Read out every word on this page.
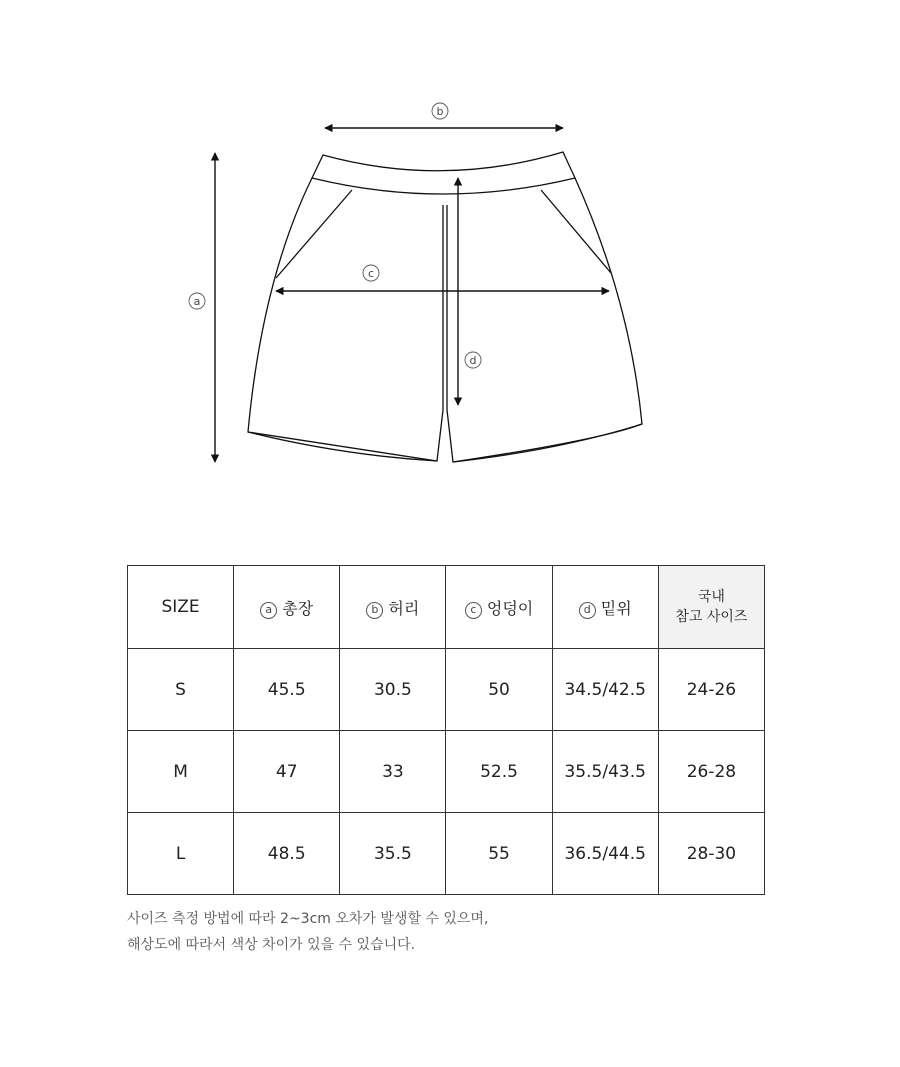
a
b
c
d
SIZE	a 총장	b 허리	c 엉덩이	d 밑위	국내
참고 사이즈
S	45.5	30.5	50	34.5/42.5	24-26
M	47	33	52.5	35.5/43.5	26-28
L	48.5	35.5	55	36.5/44.5	28-30
사이즈 측정 방법에 따라 2~3cm 오차가 발생할 수 있으며,
해상도에 따라서 색상 차이가 있을 수 있습니다.
